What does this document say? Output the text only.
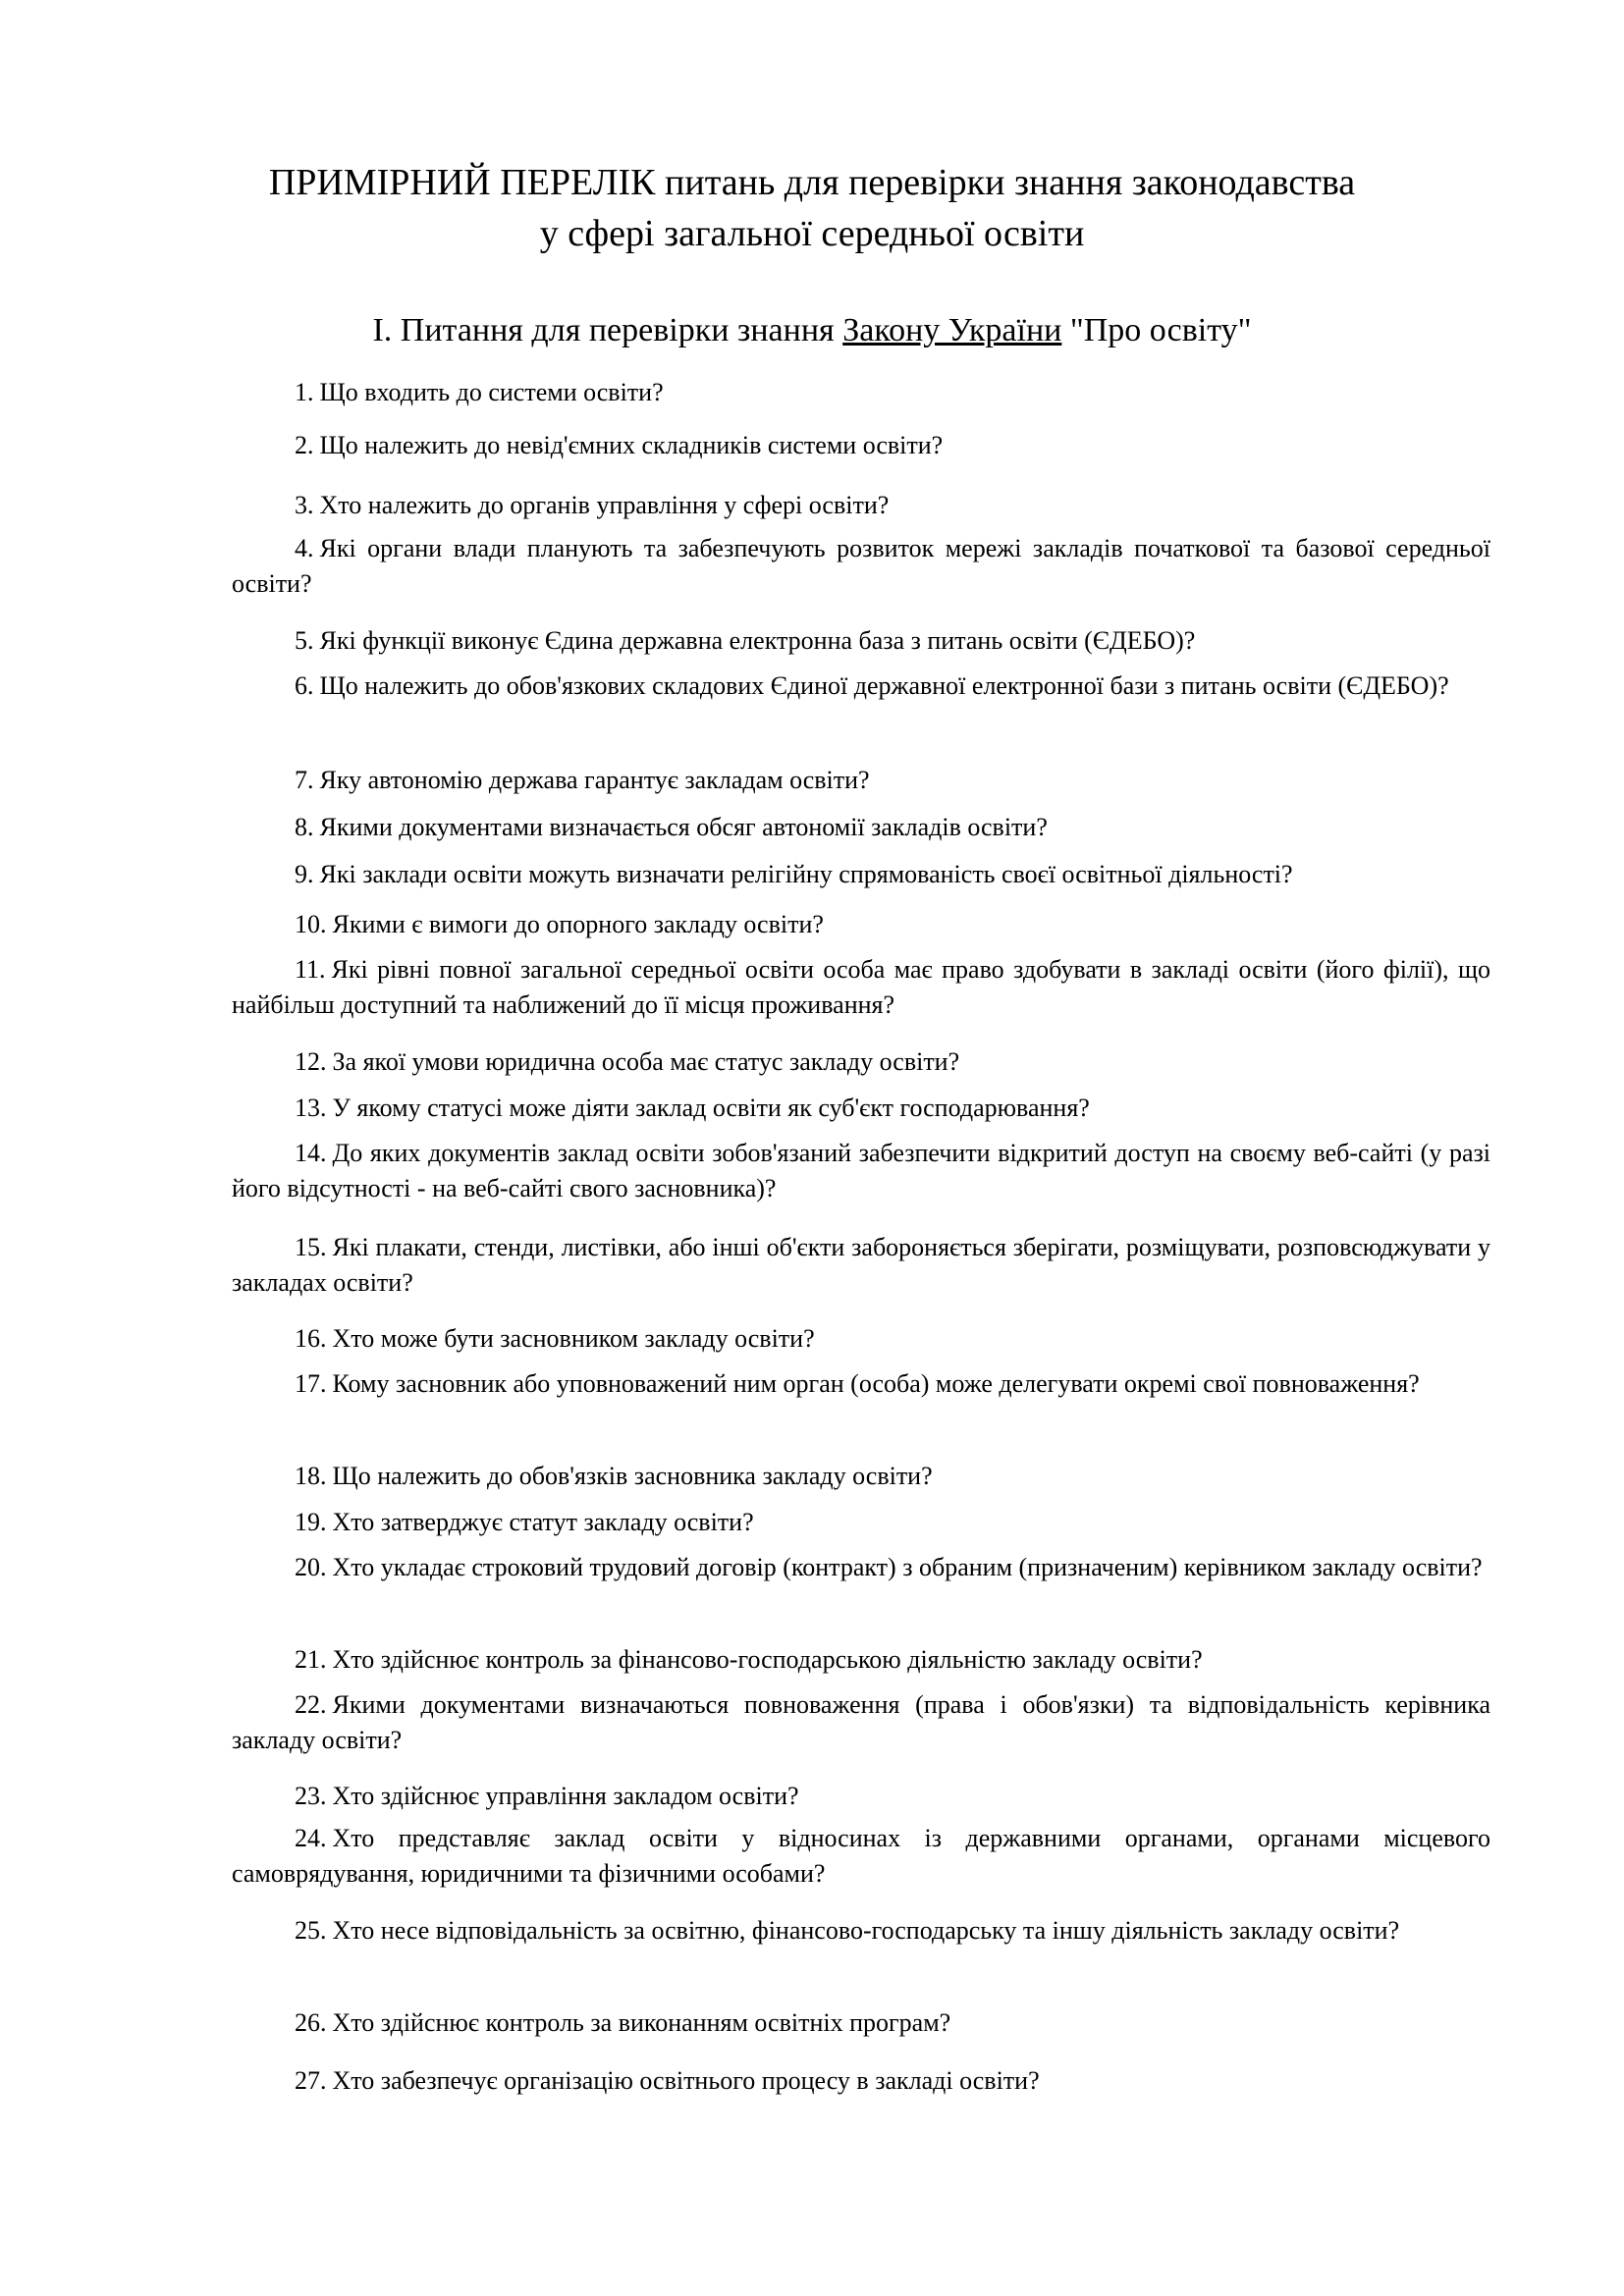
ПРИМІРНИЙ ПЕРЕЛІК питань для перевірки знання законодавства
у сфері загальної середньої освіти
I. Питання для перевірки знання Закону України "Про освіту"

1. Що входить до системи освіти?

2. Що належить до невід'ємних складників системи освіти?

3. Хто належить до органів управління у сфері освіти?

4. Які органи влади планують та забезпечують розвиток мережі закладів початкової та базової середньої освіти?

5. Які функції виконує Єдина державна електронна база з питань освіти (ЄДЕБО)?

6. Що належить до обов'язкових складових Єдиної державної електронної бази з питань освіти (ЄДЕБО)?

7. Яку автономію держава гарантує закладам освіти?

8. Якими документами визначається обсяг автономії закладів освіти?

9. Які заклади освіти можуть визначати релігійну спрямованість своєї освітньої діяльності?

10. Якими є вимоги до опорного закладу освіти?

11. Які рівні повної загальної середньої освіти особа має право здобувати в закладі освіти (його філії), що найбільш доступний та наближений до її місця проживання?

12. За якої умови юридична особа має статус закладу освіти?

13. У якому статусі може діяти заклад освіти як суб'єкт господарювання?

14. До яких документів заклад освіти зобов'язаний забезпечити відкритий доступ на своєму веб-сайті (у разі його відсутності - на веб-сайті свого засновника)?

15. Які плакати, стенди, листівки, або інші об'єкти забороняється зберігати, розміщувати, розповсюджувати у закладах освіти?

16. Хто може бути засновником закладу освіти?

17. Кому засновник або уповноважений ним орган (особа) може делегувати окремі свої повноваження?

18. Що належить до обов'язків засновника закладу освіти?

19. Хто затверджує статут закладу освіти?

20. Хто укладає строковий трудовий договір (контракт) з обраним (призначеним) керівником закладу освіти?

21. Хто здійснює контроль за фінансово-господарською діяльністю закладу освіти?

22. Якими документами визначаються повноваження (права і обов'язки) та відповідальність керівника закладу освіти?

23. Хто здійснює управління закладом освіти?

24. Хто представляє заклад освіти у відносинах із державними органами, органами місцевого самоврядування, юридичними та фізичними особами?

25. Хто несе відповідальність за освітню, фінансово-господарську та іншу діяльність закладу освіти?

26. Хто здійснює контроль за виконанням освітніх програм?

27. Хто забезпечує організацію освітнього процесу в закладі освіти?
